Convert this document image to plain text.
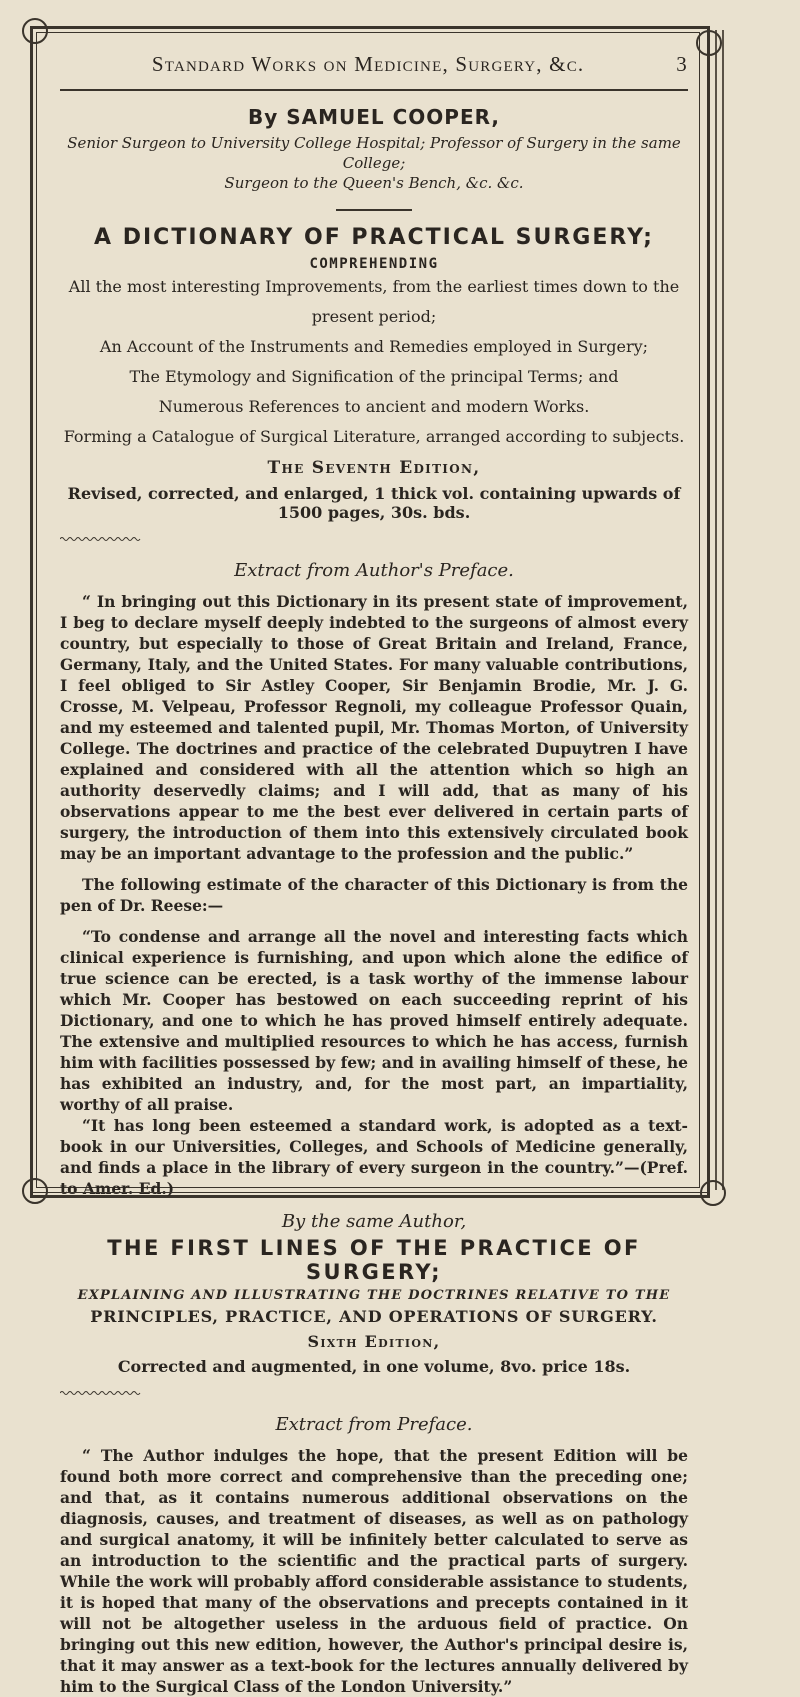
Standard Works on Medicine, Surgery, &c.	3
By SAMUEL COOPER,
Senior Surgeon to University College Hospital; Professor of Surgery in the same College;
Surgeon to the Queen's Bench, &c. &c.
A DICTIONARY OF PRACTICAL SURGERY;
COMPREHENDING
All the most interesting Improvements, from the earliest times down to the present period;
An Account of the Instruments and Remedies employed in Surgery;
The Etymology and Signification of the principal Terms; and
Numerous References to ancient and modern Works.
Forming a Catalogue of Surgical Literature, arranged according to subjects.
The Seventh Edition,
Revised, corrected, and enlarged, 1 thick vol. containing upwards of 1500 pages, 30s. bds.
Extract from Author's Preface.

“ In bringing out this Dictionary in its present state of improvement, I beg to declare myself deeply indebted to the surgeons of almost every country, but especially to those of Great Britain and Ireland, France, Germany, Italy, and the United States. For many valuable contributions, I feel obliged to Sir Astley Cooper, Sir Benjamin Brodie, Mr. J. G. Crosse, M. Velpeau, Professor Regnoli, my colleague Professor Quain, and my esteemed and talented pupil, Mr. Thomas Morton, of University College. The doctrines and practice of the celebrated Dupuytren I have explained and considered with all the attention which so high an authority deservedly claims; and I will add, that as many of his observations appear to me the best ever delivered in certain parts of surgery, the introduction of them into this extensively circulated book may be an important advantage to the profession and the public.”

The following estimate of the character of this Dictionary is from the pen of Dr. Reese:—

“To condense and arrange all the novel and interesting facts which clinical experience is furnishing, and upon which alone the edifice of true science can be erected, is a task worthy of the immense labour which Mr. Cooper has bestowed on each succeeding reprint of his Dictionary, and one to which he has proved himself entirely adequate. The extensive and multiplied resources to which he has access, furnish him with facilities possessed by few; and in availing himself of these, he has exhibited an industry, and, for the most part, an impartiality, worthy of all praise.

“It has long been esteemed a standard work, is adopted as a text-book in our Universities, Colleges, and Schools of Medicine generally, and finds a place in the library of every surgeon in the country.”—(Pref. to Amer. Ed.)

By the same Author,
THE FIRST LINES OF THE PRACTICE OF SURGERY;
EXPLAINING AND ILLUSTRATING THE DOCTRINES RELATIVE TO THE
PRINCIPLES, PRACTICE, AND OPERATIONS OF SURGERY.
Sixth Edition,
Corrected and augmented, in one volume, 8vo. price 18s.
Extract from Preface.

“ The Author indulges the hope, that the present Edition will be found both more correct and comprehensive than the preceding one; and that, as it contains numerous additional observations on the diagnosis, causes, and treatment of diseases, as well as on pathology and surgical anatomy, it will be infinitely better calculated to serve as an introduction to the scientific and the practical parts of surgery. While the work will probably afford considerable assistance to students, it is hoped that many of the observations and precepts contained in it will not be altogether useless in the arduous field of practice. On bringing out this new edition, however, the Author's principal desire is, that it may answer as a text-book for the lectures annually delivered by him to the Surgical Class of the London University.”
